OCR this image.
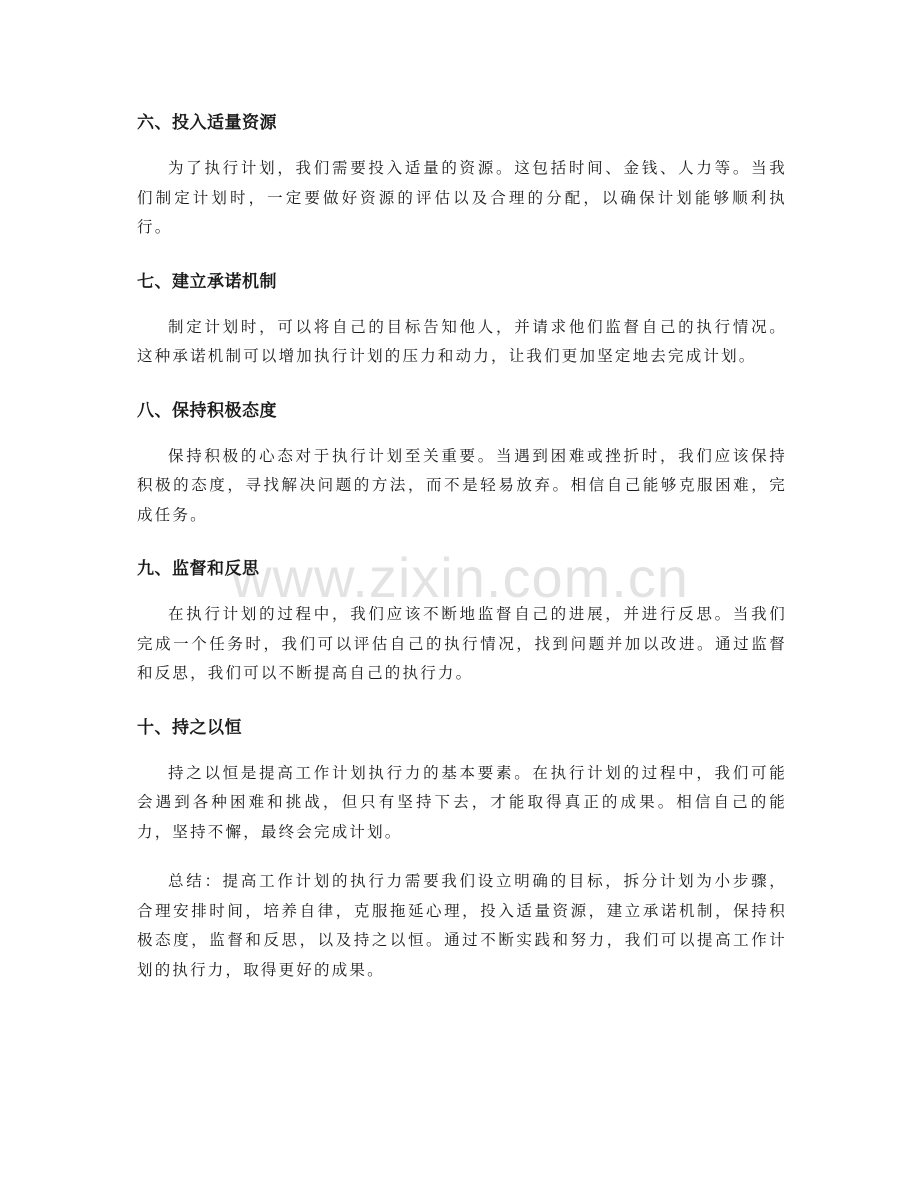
六、投入适量资源

为了执行计划，我们需要投入适量的资源。这包括时间、金钱、人力等。当我们制定计划时，一定要做好资源的评估以及合理的分配，以确保计划能够顺利执行。

七、建立承诺机制

制定计划时，可以将自己的目标告知他人，并请求他们监督自己的执行情况。这种承诺机制可以增加执行计划的压力和动力，让我们更加坚定地去完成计划。

八、保持积极态度

保持积极的心态对于执行计划至关重要。当遇到困难或挫折时，我们应该保持积极的态度，寻找解决问题的方法，而不是轻易放弃。相信自己能够克服困难，完成任务。

九、监督和反思

在执行计划的过程中，我们应该不断地监督自己的进展，并进行反思。当我们完成一个任务时，我们可以评估自己的执行情况，找到问题并加以改进。通过监督和反思，我们可以不断提高自己的执行力。

十、持之以恒

持之以恒是提高工作计划执行力的基本要素。在执行计划的过程中，我们可能会遇到各种困难和挑战，但只有坚持下去，才能取得真正的成果。相信自己的能力，坚持不懈，最终会完成计划。

总结：提高工作计划的执行力需要我们设立明确的目标，拆分计划为小步骤，合理安排时间，培养自律，克服拖延心理，投入适量资源，建立承诺机制，保持积极态度，监督和反思，以及持之以恒。通过不断实践和努力，我们可以提高工作计划的执行力，取得更好的成果。

www.zixin.com.cn
